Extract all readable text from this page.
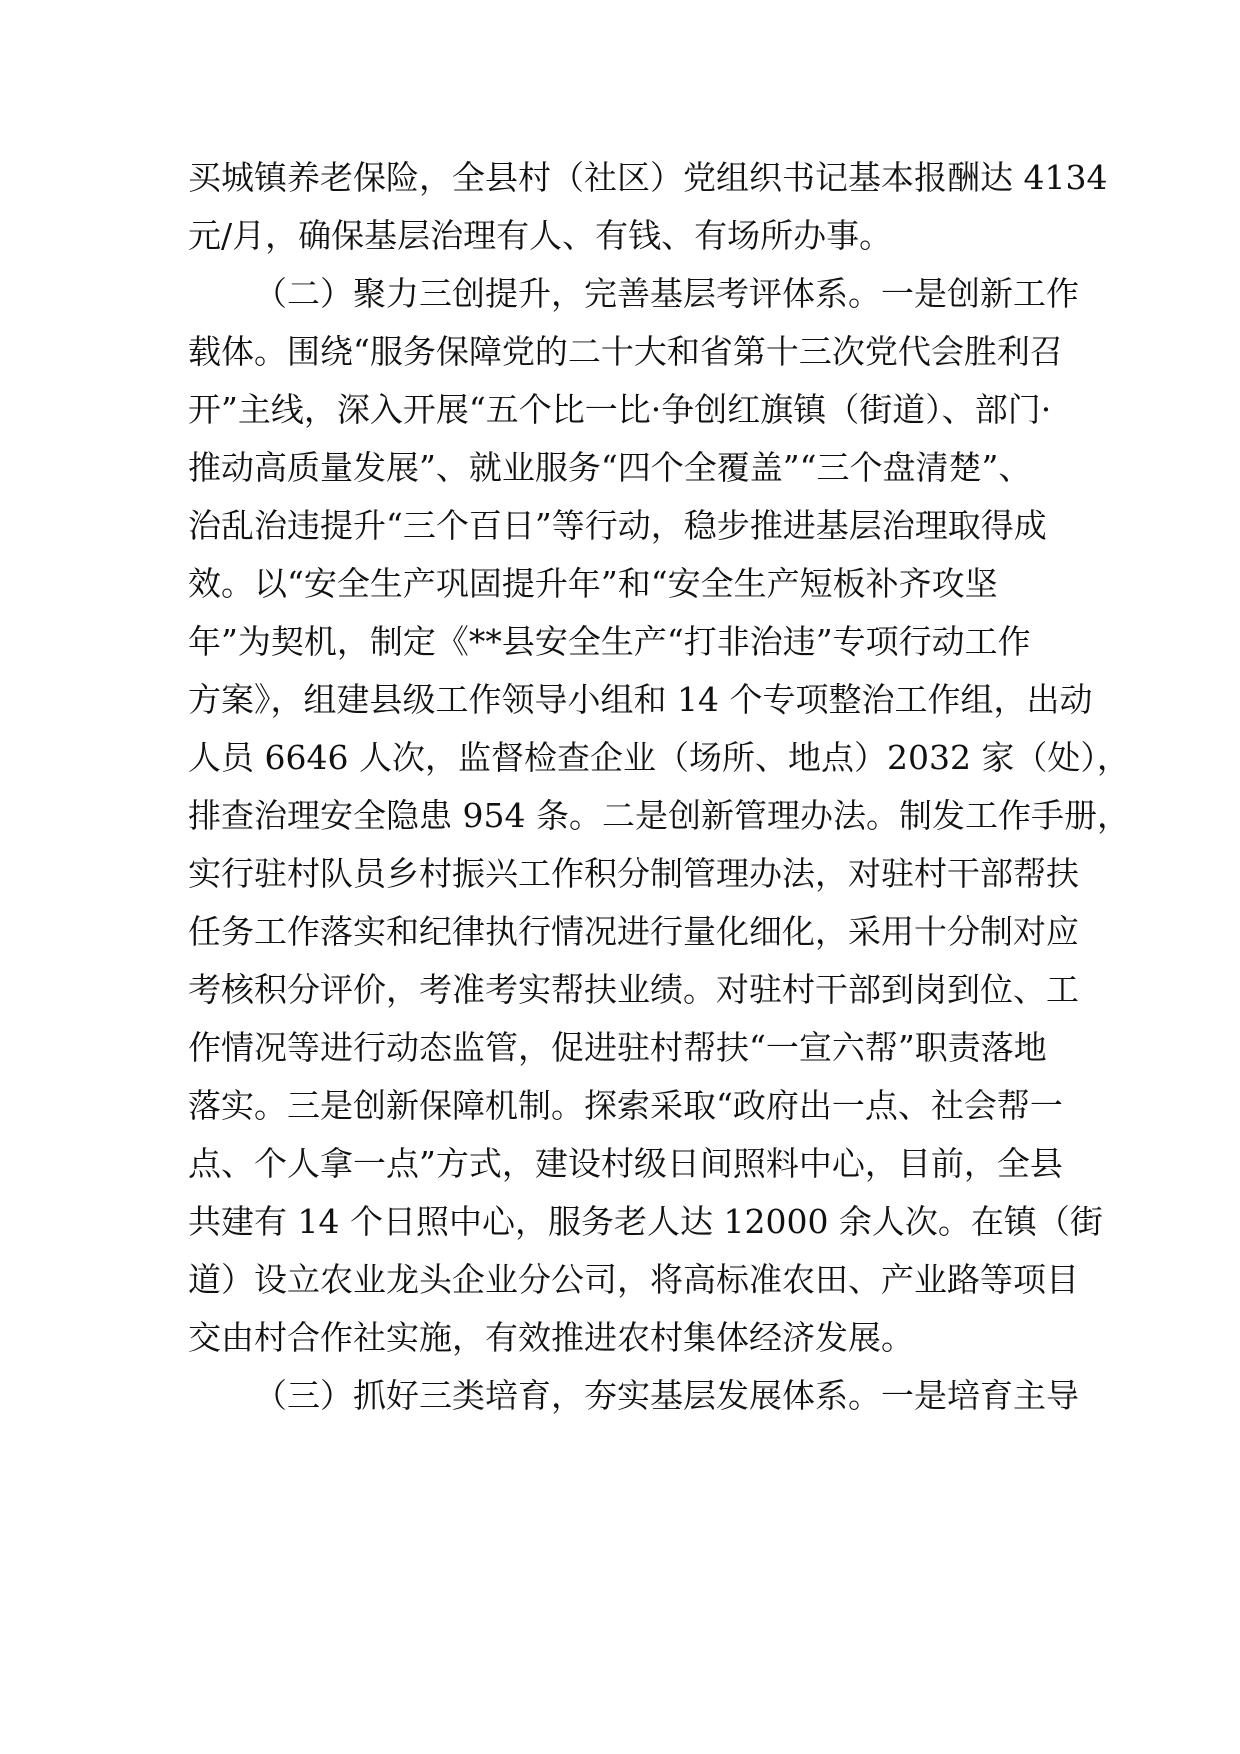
买城镇养老保险，全县村（社区）党组织书记基本报酬达 4134
元/月，确保基层治理有人、有钱、有场所办事。
（二）聚力三创提升，完善基层考评体系。一是创新工作
载体。围绕“服务保障党的二十大和省第十三次党代会胜利召
开”主线，深入开展“五个比一比·争创红旗镇（街道）、部门·
推动高质量发展”、就业服务“四个全覆盖”“三个盘清楚”、
治乱治违提升“三个百日”等行动，稳步推进基层治理取得成
效。以“安全生产巩固提升年”和“安全生产短板补齐攻坚
年”为契机，制定《**县安全生产“打非治违”专项行动工作
方案》，组建县级工作领导小组和 14 个专项整治工作组，出动
人员 6646 人次，监督检查企业（场所、地点）2032 家（处），
排查治理安全隐患 954 条。二是创新管理办法。制发工作手册，
实行驻村队员乡村振兴工作积分制管理办法，对驻村干部帮扶
任务工作落实和纪律执行情况进行量化细化，采用十分制对应
考核积分评价，考准考实帮扶业绩。对驻村干部到岗到位、工
作情况等进行动态监管，促进驻村帮扶“一宣六帮”职责落地
落实。三是创新保障机制。探索采取“政府出一点、社会帮一
点、个人拿一点”方式，建设村级日间照料中心，目前，全县
共建有 14 个日照中心，服务老人达 12000 余人次。在镇（街
道）设立农业龙头企业分公司，将高标准农田、产业路等项目
交由村合作社实施，有效推进农村集体经济发展。
（三）抓好三类培育，夯实基层发展体系。一是培育主导
